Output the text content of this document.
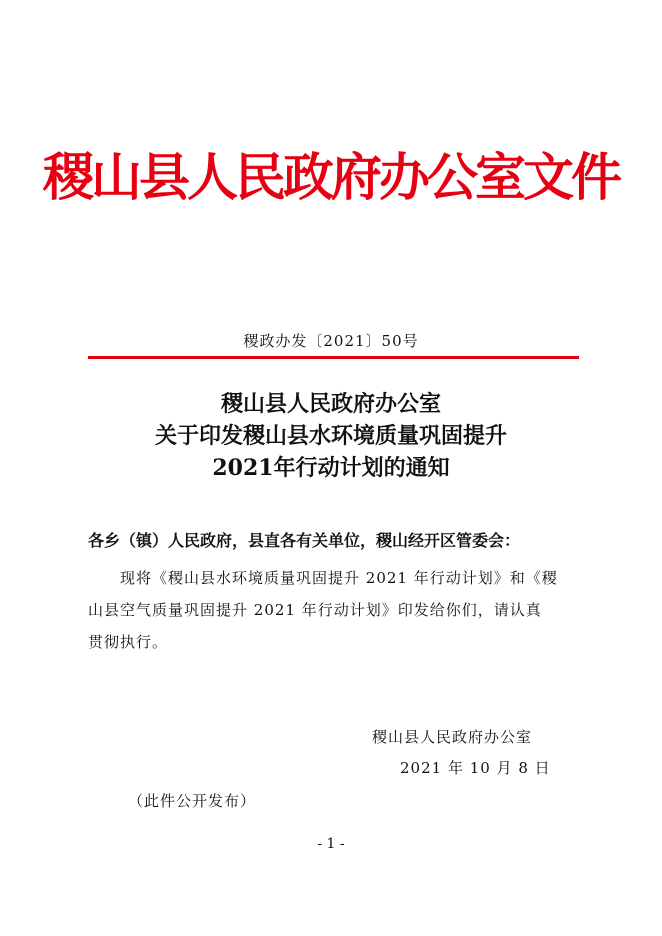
稷山县人民政府办公室文件
稷政办发〔2021〕50号
稷山县人民政府办公室
关于印发稷山县水环境质量巩固提升
2021年行动计划的通知
各乡（镇）人民政府，县直各有关单位，稷山经开区管委会：
现将《稷山县水环境质量巩固提升 2021 年行动计划》和《稷
山县空气质量巩固提升 2021 年行动计划》印发给你们，请认真
贯彻执行。
稷山县人民政府办公室
2021 年 10 月 8 日
（此件公开发布）
- 1 -
